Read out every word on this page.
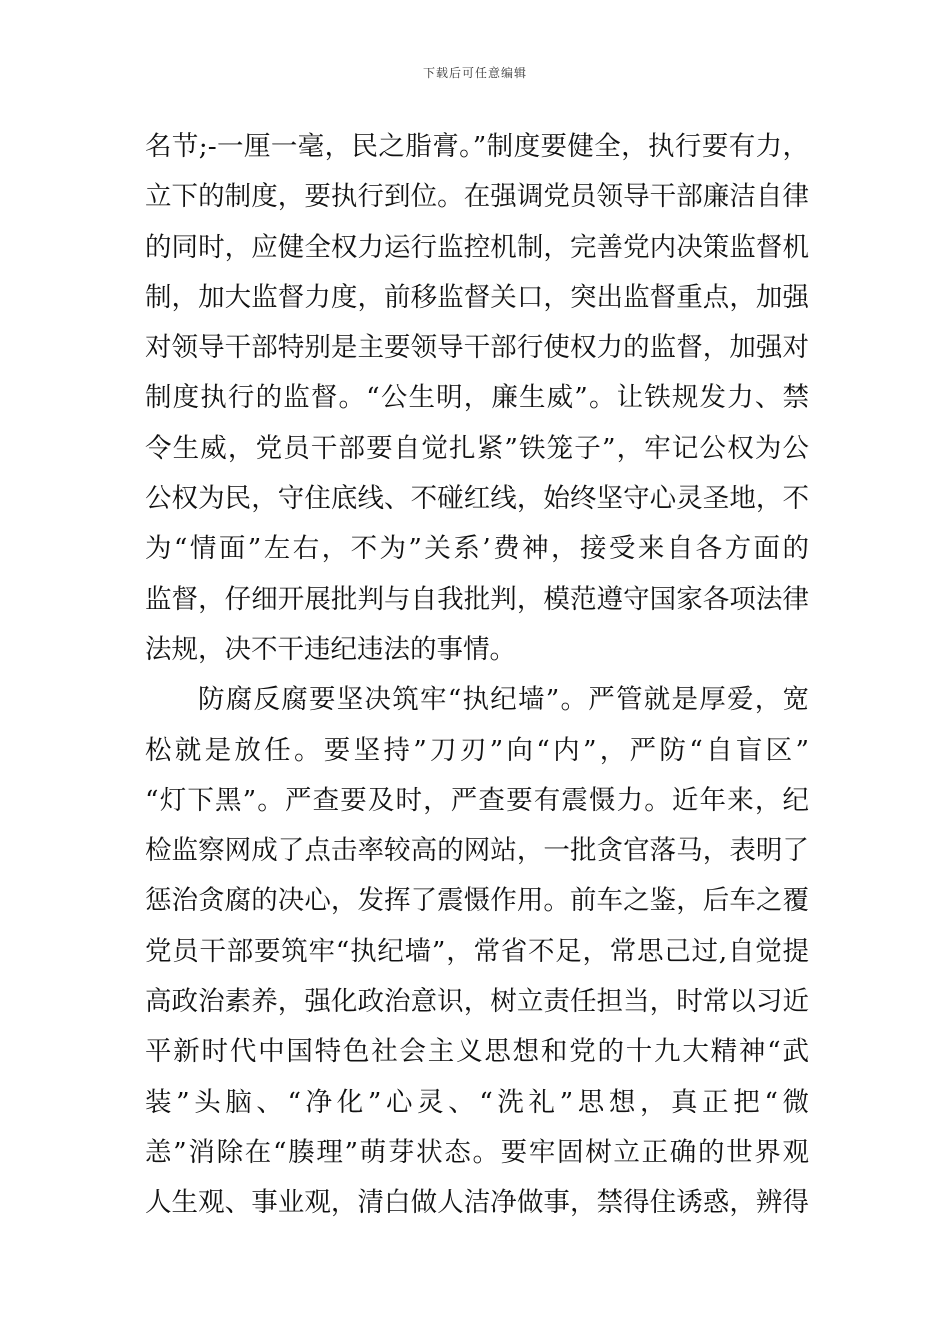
下载后可任意编辑
名节;-一厘一毫，民之脂膏。”制度要健全，执行要有力，
立下的制度，要执行到位。在强调党员领导干部廉洁自律
的同时，应健全权力运行监控机制，完善党内决策监督机
制，加大监督力度，前移监督关口，突出监督重点，加强
对领导干部特别是主要领导干部行使权力的监督，加强对
制度执行的监督。“公生明，廉生威”。让铁规发力、禁
令生威，党员干部要自觉扎紧”铁笼子”，牢记公权为公
公权为民，守住底线、不碰红线，始终坚守心灵圣地，不
为“情面”左右，不为”关系’费神，接受来自各方面的
监督，仔细开展批判与自我批判，模范遵守国家各项法律
法规，决不干违纪违法的事情。
防腐反腐要坚决筑牢“执纪墙”。严管就是厚爱，宽
松就是放任。要坚持”刀刃”向“内”，严防“自盲区”
“灯下黑”。严查要及时，严查要有震慑力。近年来，纪
检监察网成了点击率较高的网站，一批贪官落马，表明了
惩治贪腐的决心，发挥了震慑作用。前车之鉴，后车之覆
党员干部要筑牢“执纪墙”，常省不足，常思己过,自觉提
高政治素养，强化政治意识，树立责任担当，时常以习近
平新时代中国特色社会主义思想和党的十九大精神“武
装”头脑、“净化”心灵、“洗礼”思想，真正把“微
恙”消除在“腠理”萌芽状态。要牢固树立正确的世界观
人生观、事业观，清白做人洁净做事，禁得住诱惑，辨得
